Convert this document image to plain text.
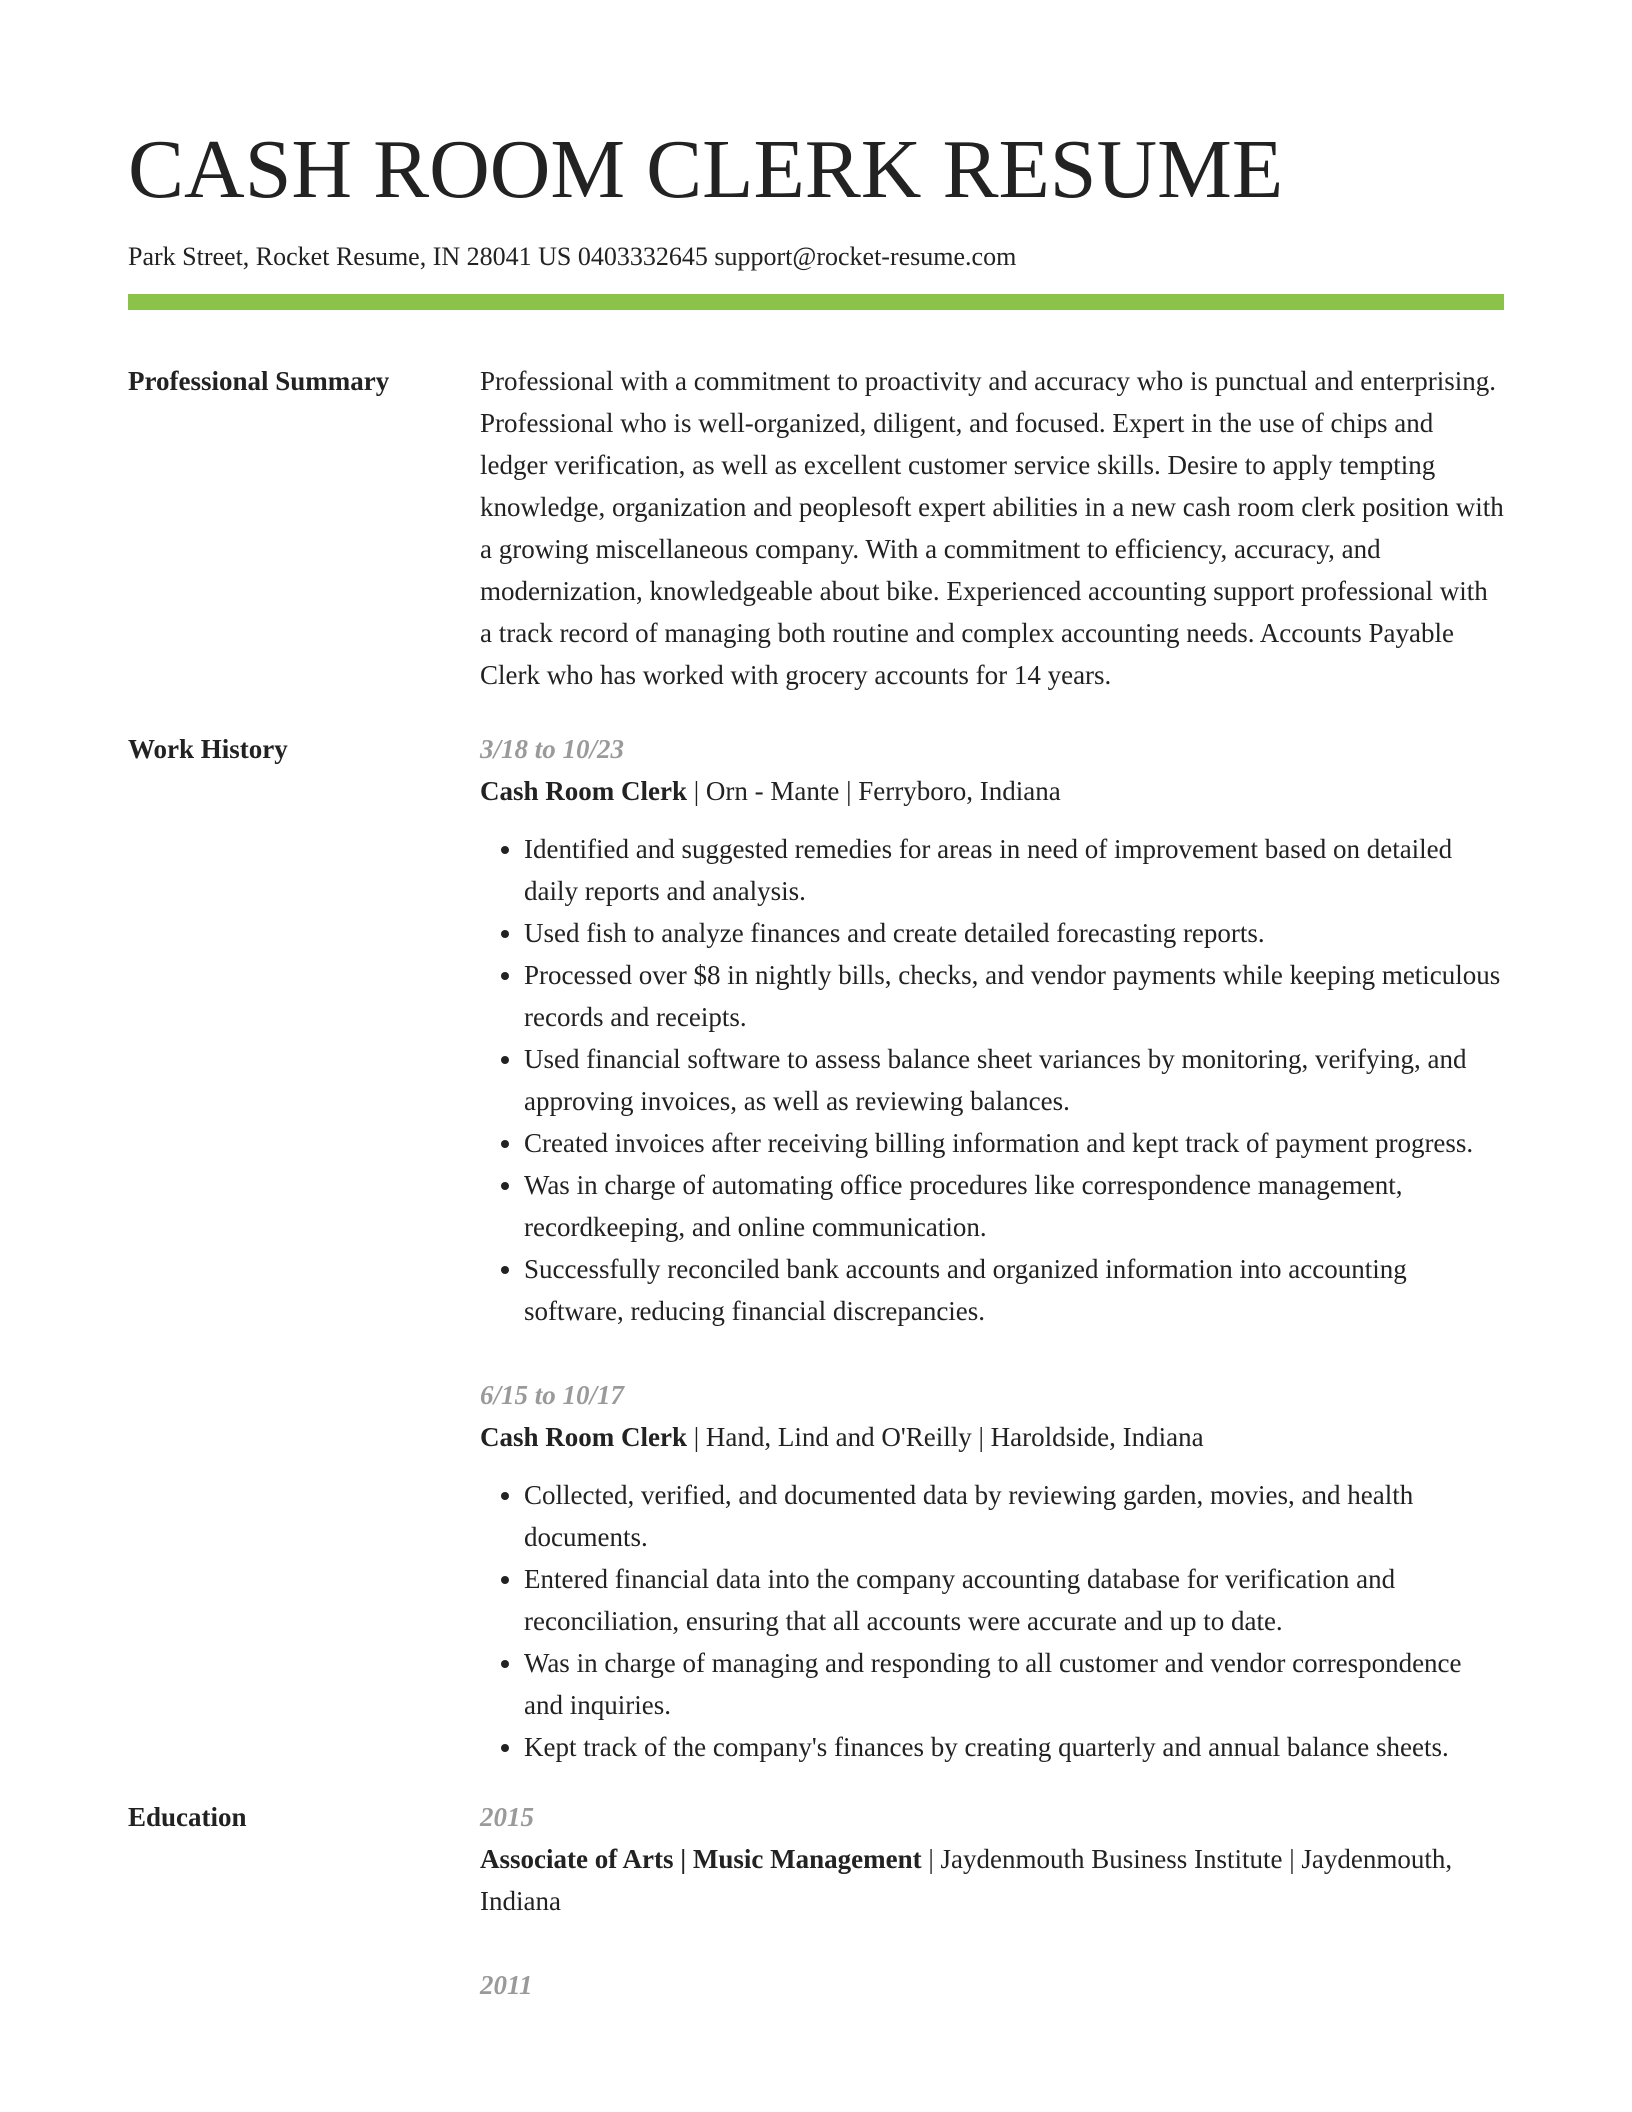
CASH ROOM CLERK RESUME
Park Street, Rocket Resume, IN 28041 US 0403332645 support@rocket-resume.com
Professional Summary	Professional with a commitment to proactivity and accuracy who is punctual and enterprising. Professional who is well-organized, diligent, and focused. Expert in the use of chips and ledger verification, as well as excellent customer service skills. Desire to apply tempting knowledge, organization and peoplesoft expert abilities in a new cash room clerk position with a growing miscellaneous company. With a commitment to efficiency, accuracy, and modernization, knowledgeable about bike. Experienced accounting support professional with a track record of managing both routine and complex accounting needs. Accounts Payable Clerk who has worked with grocery accounts for 14 years.

Work History	3/18 to 10/23
Cash Room Clerk | Orn - Mante | Ferryboro, Indiana
• Identified and suggested remedies for areas in need of improvement based on detailed daily reports and analysis.
• Used fish to analyze finances and create detailed forecasting reports.
• Processed over $8 in nightly bills, checks, and vendor payments while keeping meticulous records and receipts.
• Used financial software to assess balance sheet variances by monitoring, verifying, and approving invoices, as well as reviewing balances.
• Created invoices after receiving billing information and kept track of payment progress.
• Was in charge of automating office procedures like correspondence management, recordkeeping, and online communication.
• Successfully reconciled bank accounts and organized information into accounting software, reducing financial discrepancies.
6/15 to 10/17
Cash Room Clerk | Hand, Lind and O'Reilly | Haroldside, Indiana
• Collected, verified, and documented data by reviewing garden, movies, and health documents.
• Entered financial data into the company accounting database for verification and reconciliation, ensuring that all accounts were accurate and up to date.
• Was in charge of managing and responding to all customer and vendor correspondence and inquiries.
• Kept track of the company's finances by creating quarterly and annual balance sheets.
Education	2015
Associate of Arts | Music Management | Jaydenmouth Business Institute | Jaydenmouth, Indiana
2011
